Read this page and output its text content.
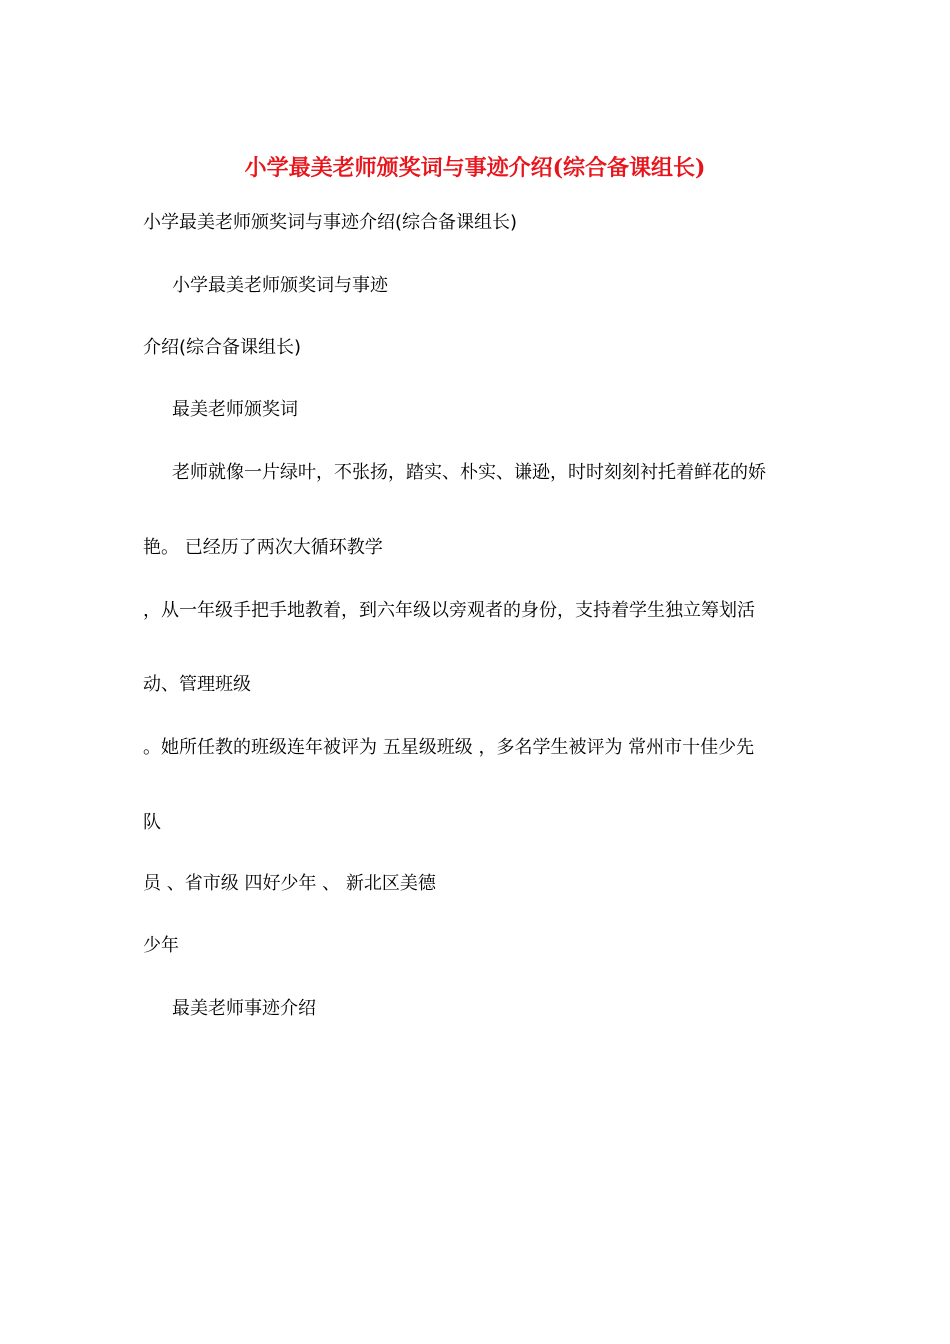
小学最美老师颁奖词与事迹介绍(综合备课组长)
小学最美老师颁奖词与事迹介绍(综合备课组长)
小学最美老师颁奖词与事迹
介绍(综合备课组长)
最美老师颁奖词
老师就像一片绿叶，不张扬，踏实、朴实、谦逊，时时刻刻衬托着鲜花的娇
艳。 已经历了两次大循环教学
，从一年级手把手地教着，到六年级以旁观者的身份，支持着学生独立筹划活
动、管理班级
。她所任教的班级连年被评为 五星级班级 ，多名学生被评为 常州市十佳少先
队
员 、省市级 四好少年 、 新北区美德
少年
最美老师事迹介绍
